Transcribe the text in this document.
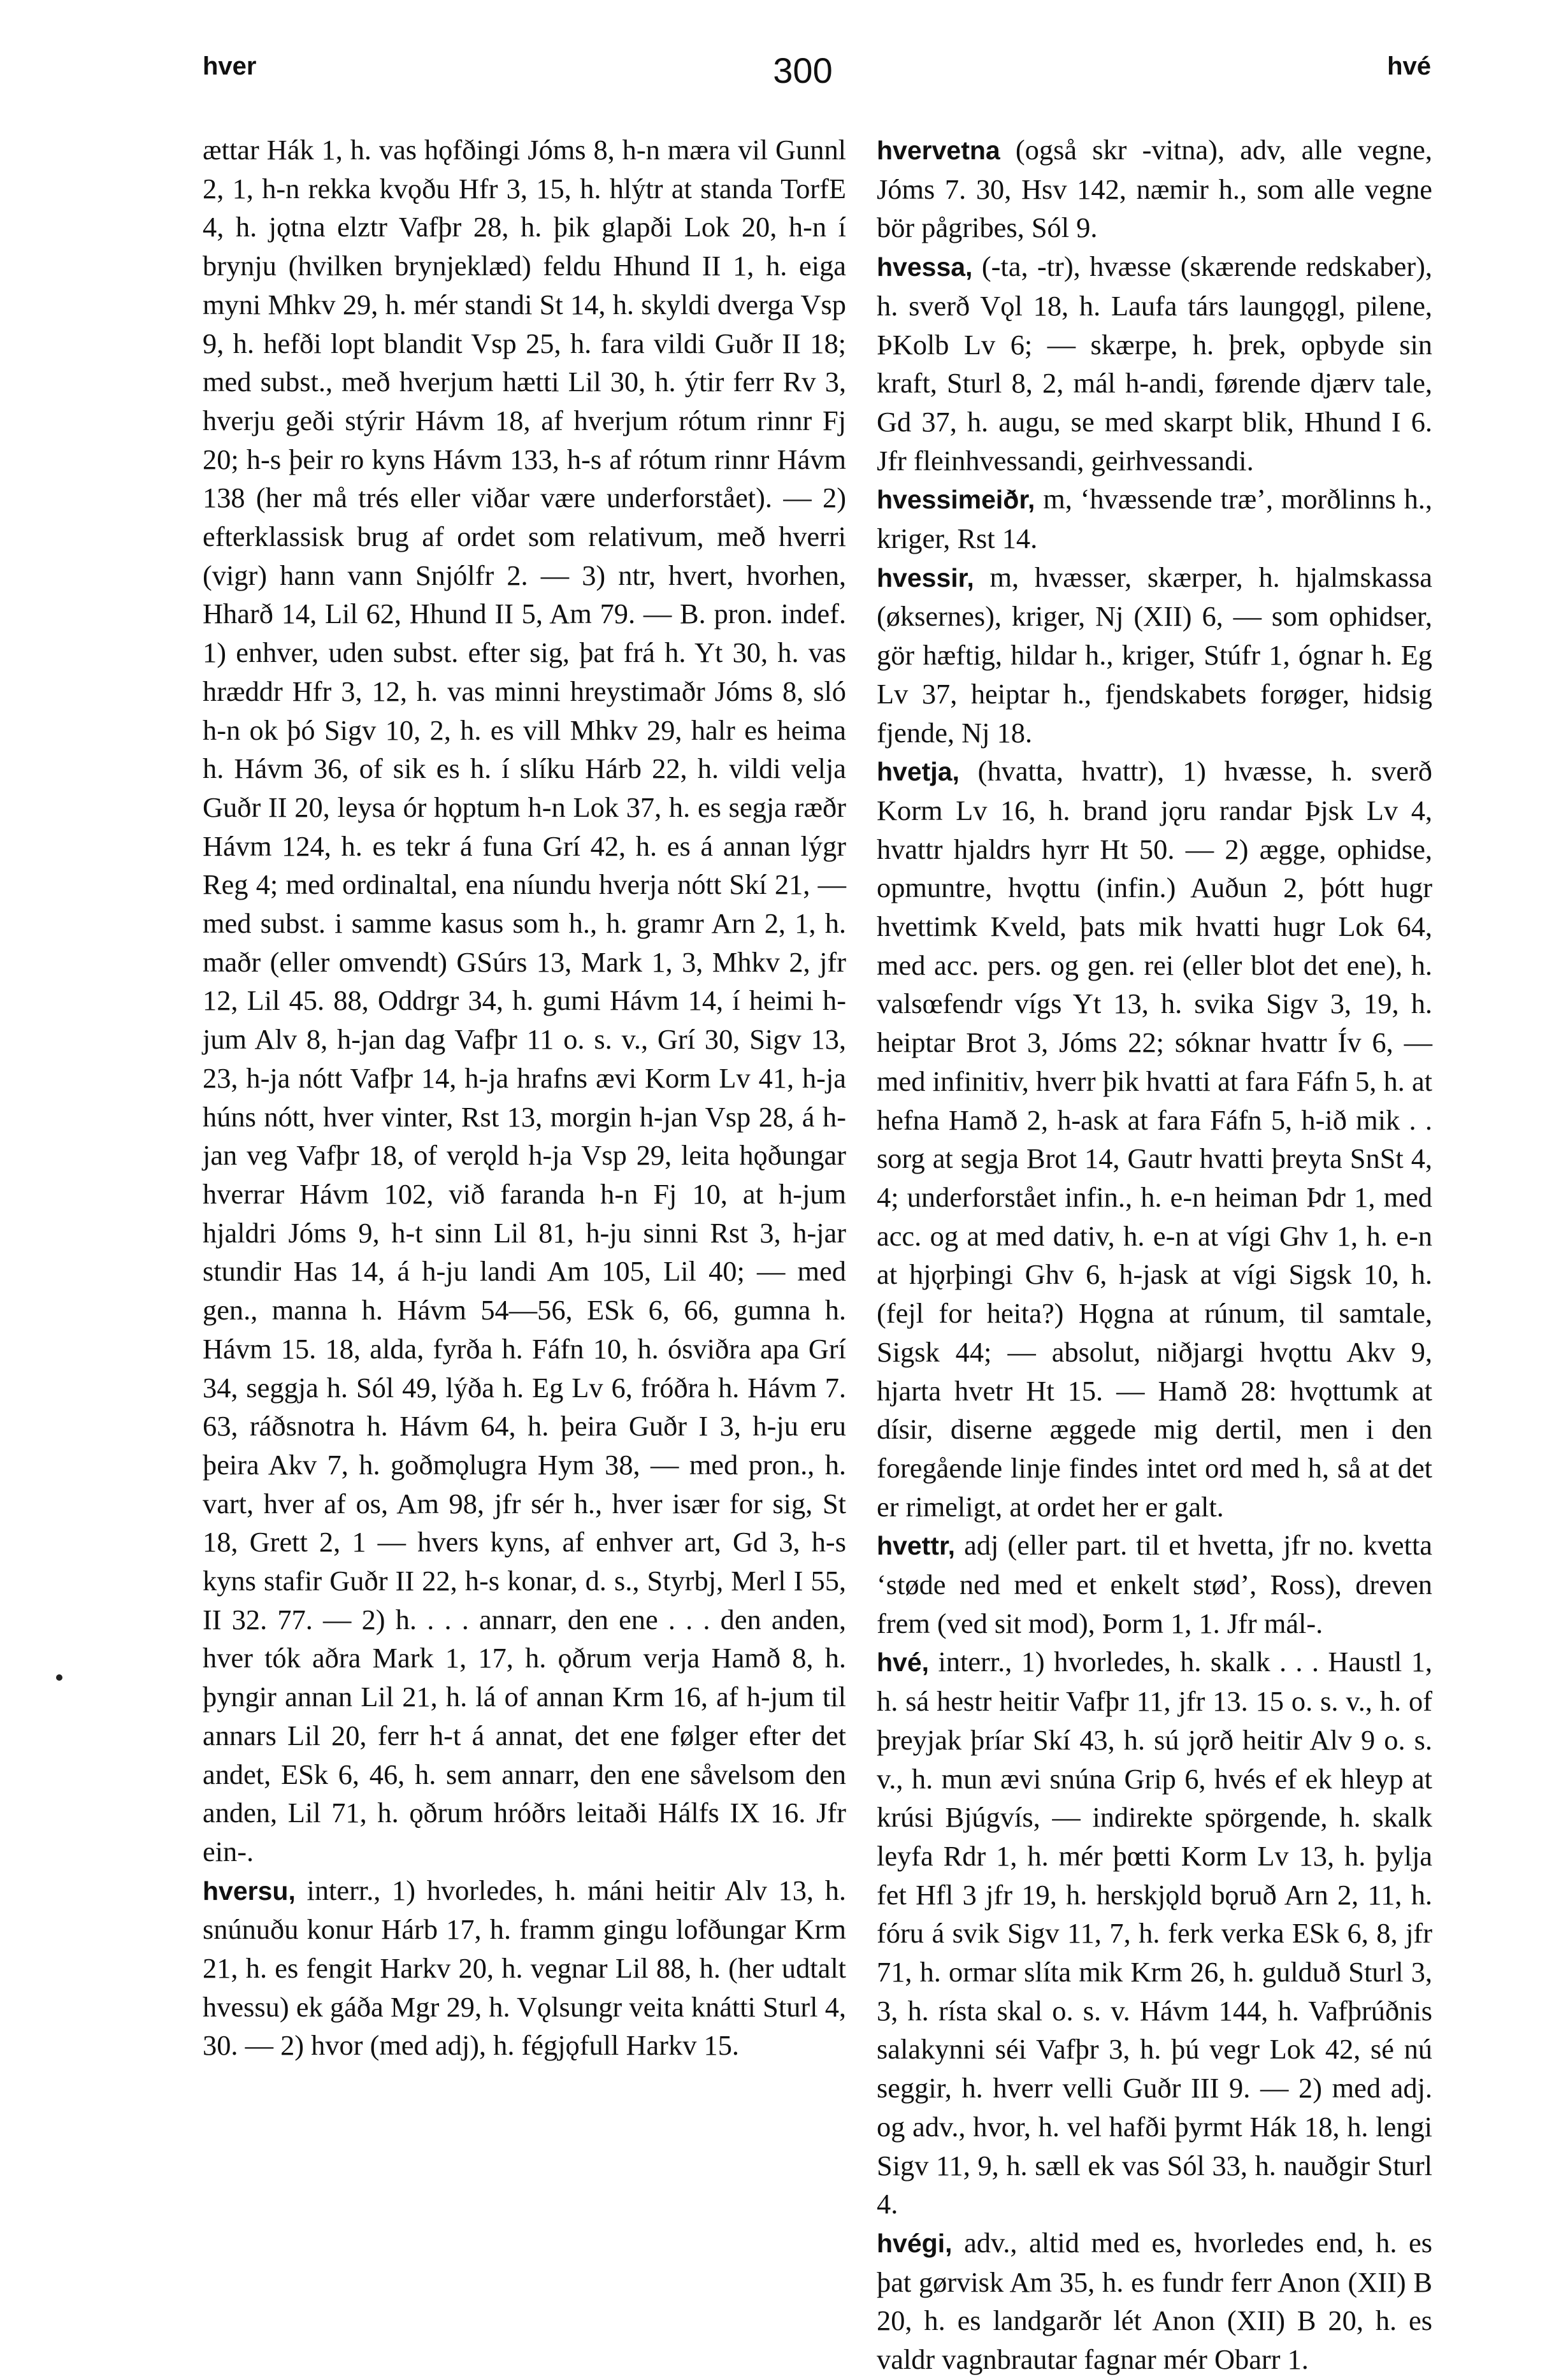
hver	300	hvé

ættar Hák 1, h. vas hǫfðingi Jóms 8, h-n mæra vil Gunnl 2, 1, h-n rekka kvǫðu Hfr 3, 15, h. hlýtr at standa TorfE 4, h. jǫtna elztr Vafþr 28, h. þik glapði Lok 20, h-n í brynju (hvilken brynjeklæd) feldu Hhund II 1, h. eiga myni Mhkv 29, h. mér standi St 14, h. skyldi dverga Vsp 9, h. hefði lopt blandit Vsp 25, h. fara vildi Guðr II 18; med subst., með hverjum hætti Lil 30, h. ýtir ferr Rv 3, hverju geði stýrir Hávm 18, af hverjum rótum rinnr Fj 20; h-s þeir ro kyns Hávm 133, h-s af rótum rinnr Hávm 138 (her må trés eller viðar være underforstået). — 2) efterklassisk brug af ordet som relativum, með hverri (vigr) hann vann Snjólfr 2. — 3) ntr, hvert, hvorhen, Hharð 14, Lil 62, Hhund II 5, Am 79. — B. pron. indef. 1) enhver, uden subst. efter sig, þat frá h. Yt 30, h. vas hræddr Hfr 3, 12, h. vas minni hreystimaðr Jóms 8, sló h-n ok þó Sigv 10, 2, h. es vill Mhkv 29, halr es heima h. Hávm 36, of sik es h. í slíku Hárb 22, h. vildi velja Guðr II 20, leysa ór hǫptum h-n Lok 37, h. es segja ræðr Hávm 124, h. es tekr á funa Grí 42, h. es á annan lýgr Reg 4; med ordinaltal, ena níundu hverja nótt Skí 21, — med subst. i samme kasus som h., h. gramr Arn 2, 1, h. maðr (eller omvendt) GSúrs 13, Mark 1, 3, Mhkv 2, jfr 12, Lil 45. 88, Oddrgr 34, h. gumi Hávm 14, í heimi h-jum Alv 8, h-jan dag Vafþr 11 o. s. v., Grí 30, Sigv 13, 23, h-ja nótt Vafþr 14, h-ja hrafns ævi Korm Lv 41, h-ja húns nótt, hver vinter, Rst 13, morgin h-jan Vsp 28, á h-jan veg Vafþr 18, of verǫld h-ja Vsp 29, leita hǫðungar hverrar Hávm 102, við faranda h-n Fj 10, at h-jum hjaldri Jóms 9, h-t sinn Lil 81, h-ju sinni Rst 3, h-jar stundir Has 14, á h-ju landi Am 105, Lil 40; — med gen., manna h. Hávm 54—56, ESk 6, 66, gumna h. Hávm 15. 18, alda, fyrða h. Fáfn 10, h. ósviðra apa Grí 34, seggja h. Sól 49, lýða h. Eg Lv 6, fróðra h. Hávm 7. 63, ráðsnotra h. Hávm 64, h. þeira Guðr I 3, h-ju eru þeira Akv 7, h. goðmǫlugra Hym 38, — med pron., h. vart, hver af os, Am 98, jfr sér h., hver især for sig, St 18, Grett 2, 1 — hvers kyns, af enhver art, Gd 3, h-s kyns stafir Guðr II 22, h-s konar, d. s., Styrbj, Merl I 55, II 32. 77. — 2) h. . . . annarr, den ene . . . den anden, hver tók aðra Mark 1, 17, h. ǫðrum verja Hamð 8, h. þyngir annan Lil 21, h. lá of annan Krm 16, af h-jum til annars Lil 20, ferr h-t á annat, det ene følger efter det andet, ESk 6, 46, h. sem annarr, den ene såvelsom den anden, Lil 71, h. ǫðrum hróðrs leitaði Hálfs IX 16. Jfr ein-.

hversu, interr., 1) hvorledes, h. máni heitir Alv 13, h. snúnuðu konur Hárb 17, h. framm gingu lofðungar Krm 21, h. es fengit Harkv 20, h. vegnar Lil 88, h. (her udtalt hvessu) ek gáða Mgr 29, h. Vǫlsungr veita knátti Sturl 4, 30. — 2) hvor (med adj), h. fégjǫfull Harkv 15.

hvervetna (også skr -vitna), adv, alle vegne, Jóms 7. 30, Hsv 142, næmir h., som alle vegne bör pågribes, Sól 9.

hvessa, (-ta, -tr), hvæsse (skærende redskaber), h. sverð Vǫl 18, h. Laufa társ laungǫgl, pilene, ÞKolb Lv 6; — skærpe, h. þrek, opbyde sin kraft, Sturl 8, 2, mál h-andi, førende djærv tale, Gd 37, h. augu, se med skarpt blik, Hhund I 6. Jfr fleinhvessandi, geirhvessandi.

hvessimeiðr, m, ‘hvæssende træ’, morðlinns h., kriger, Rst 14.

hvessir, m, hvæsser, skærper, h. hjalmskassa (øksernes), kriger, Nj (XII) 6, — som ophidser, gör hæftig, hildar h., kriger, Stúfr 1, ógnar h. Eg Lv 37, heiptar h., fjendskabets forøger, hidsig fjende, Nj 18.

hvetja, (hvatta, hvattr), 1) hvæsse, h. sverð Korm Lv 16, h. brand jǫru randar Þjsk Lv 4, hvattr hjaldrs hyrr Ht 50. — 2) ægge, ophidse, opmuntre, hvǫttu (infin.) Auðun 2, þótt hugr hvettimk Kveld, þats mik hvatti hugr Lok 64, med acc. pers. og gen. rei (eller blot det ene), h. valsœfendr vígs Yt 13, h. svika Sigv 3, 19, h. heiptar Brot 3, Jóms 22; sóknar hvattr Ív 6, — med infinitiv, hverr þik hvatti at fara Fáfn 5, h. at hefna Hamð 2, h-ask at fara Fáfn 5, h-ið mik . . sorg at segja Brot 14, Gautr hvatti þreyta SnSt 4, 4; underforstået infin., h. e-n heiman Þdr 1, med acc. og at med dativ, h. e-n at vígi Ghv 1, h. e-n at hjǫrþingi Ghv 6, h-jask at vígi Sigsk 10, h. (fejl for heita?) Hǫgna at rúnum, til samtale, Sigsk 44; — absolut, niðjargi hvǫttu Akv 9, hjarta hvetr Ht 15. — Hamð 28: hvǫttumk at dísir, diserne æggede mig dertil, men i den foregående linje findes intet ord med h, så at det er rimeligt, at ordet her er galt.

hvettr, adj (eller part. til et hvetta, jfr no. kvetta ‘støde ned med et enkelt stød’, Ross), dreven frem (ved sit mod), Þorm 1, 1. Jfr mál-.

hvé, interr., 1) hvorledes, h. skalk . . . Haustl 1, h. sá hestr heitir Vafþr 11, jfr 13. 15 o. s. v., h. of þreyjak þríar Skí 43, h. sú jǫrð heitir Alv 9 o. s. v., h. mun ævi snúna Grip 6, hvés ef ek hleyp at krúsi Bjúgvís, — indirekte spörgende, h. skalk leyfa Rdr 1, h. mér þœtti Korm Lv 13, h. þylja fet Hfl 3 jfr 19, h. herskjǫld bǫruð Arn 2, 11, h. fóru á svik Sigv 11, 7, h. ferk verka ESk 6, 8, jfr 71, h. ormar slíta mik Krm 26, h. gulduð Sturl 3, 3, h. rísta skal o. s. v. Hávm 144, h. Vafþrúðnis salakynni séi Vafþr 3, h. þú vegr Lok 42, sé nú seggir, h. hverr velli Guðr III 9. — 2) med adj. og adv., hvor, h. vel hafði þyrmt Hák 18, h. lengi Sigv 11, 9, h. sæll ek vas Sól 33, h. nauðgir Sturl 4.

hvégi, adv., altid med es, hvorledes end, h. es þat gørvisk Am 35, h. es fundr ferr Anon (XII) B 20, h. es landgarðr lét Anon (XII) B 20, h. es valdr vagnbrautar fagnar mér Obarr 1.
